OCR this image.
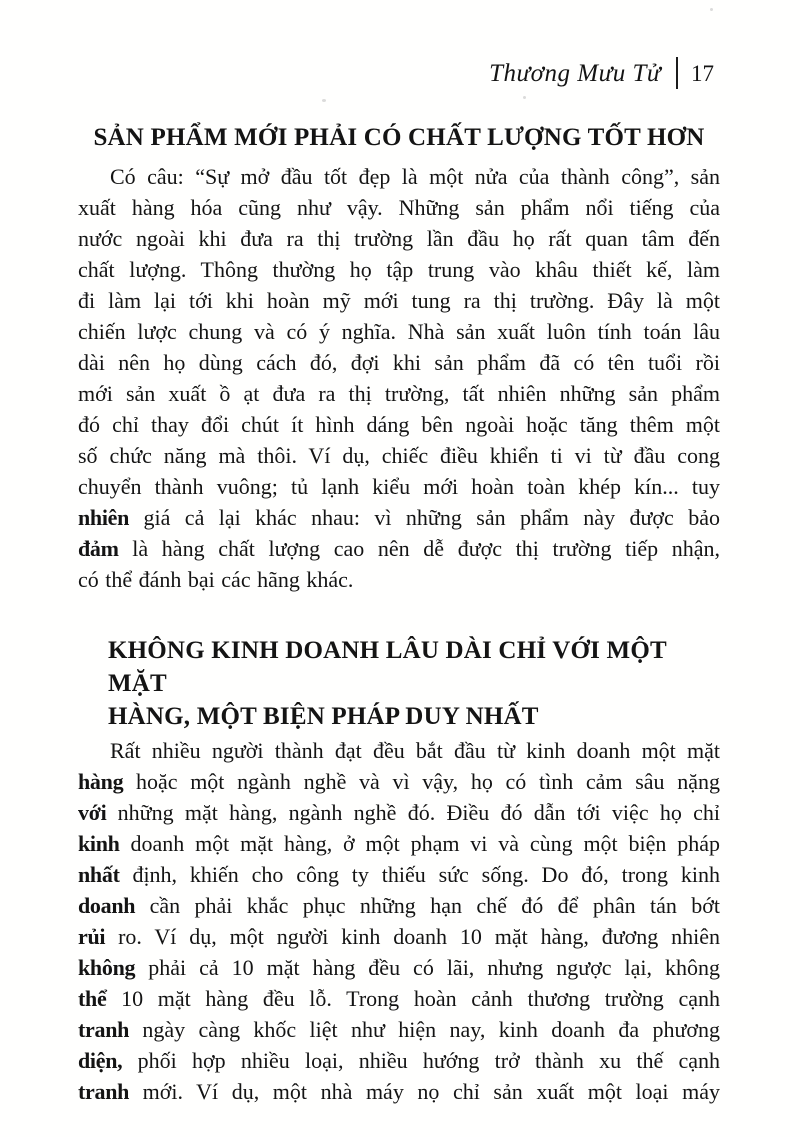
Thương Mưu Tử 17
SẢN PHẨM MỚI PHẢI CÓ CHẤT LƯỢNG TỐT HƠN
Có câu: “Sự mở đầu tốt đẹp là một nửa của thành công”, sản
xuất hàng hóa cũng như vậy. Những sản phẩm nổi tiếng của
nước ngoài khi đưa ra thị trường lần đầu họ rất quan tâm đến
chất lượng. Thông thường họ tập trung vào khâu thiết kế, làm
đi làm lại tới khi hoàn mỹ mới tung ra thị trường. Đây là một
chiến lược chung và có ý nghĩa. Nhà sản xuất luôn tính toán lâu
dài nên họ dùng cách đó, đợi khi sản phẩm đã có tên tuổi rồi
mới sản xuất ồ ạt đưa ra thị trường, tất nhiên những sản phẩm
đó chỉ thay đổi chút ít hình dáng bên ngoài hoặc tăng thêm một
số chức năng mà thôi. Ví dụ, chiếc điều khiển ti vi từ đầu cong
chuyển thành vuông; tủ lạnh kiểu mới hoàn toàn khép kín... tuy
nhiên giá cả lại khác nhau: vì những sản phẩm này được bảo
đảm là hàng chất lượng cao nên dễ được thị trường tiếp nhận,
có thể đánh bại các hãng khác.
KHÔNG KINH DOANH LÂU DÀI CHỈ VỚI MỘT MẶT
HÀNG, MỘT BIỆN PHÁP DUY NHẤT
Rất nhiều người thành đạt đều bắt đầu từ kinh doanh một mặt
hàng hoặc một ngành nghề và vì vậy, họ có tình cảm sâu nặng
với những mặt hàng, ngành nghề đó. Điều đó dẫn tới việc họ chỉ
kinh doanh một mặt hàng, ở một phạm vi và cùng một biện pháp
nhất định, khiến cho công ty thiếu sức sống. Do đó, trong kinh
doanh cần phải khắc phục những hạn chế đó để phân tán bớt
rủi ro. Ví dụ, một người kinh doanh 10 mặt hàng, đương nhiên
không phải cả 10 mặt hàng đều có lãi, nhưng ngược lại, không
thể 10 mặt hàng đều lỗ. Trong hoàn cảnh thương trường cạnh
tranh ngày càng khốc liệt như hiện nay, kinh doanh đa phương
diện, phối hợp nhiều loại, nhiều hướng trở thành xu thế cạnh
tranh mới. Ví dụ, một nhà máy nọ chỉ sản xuất một loại máy
